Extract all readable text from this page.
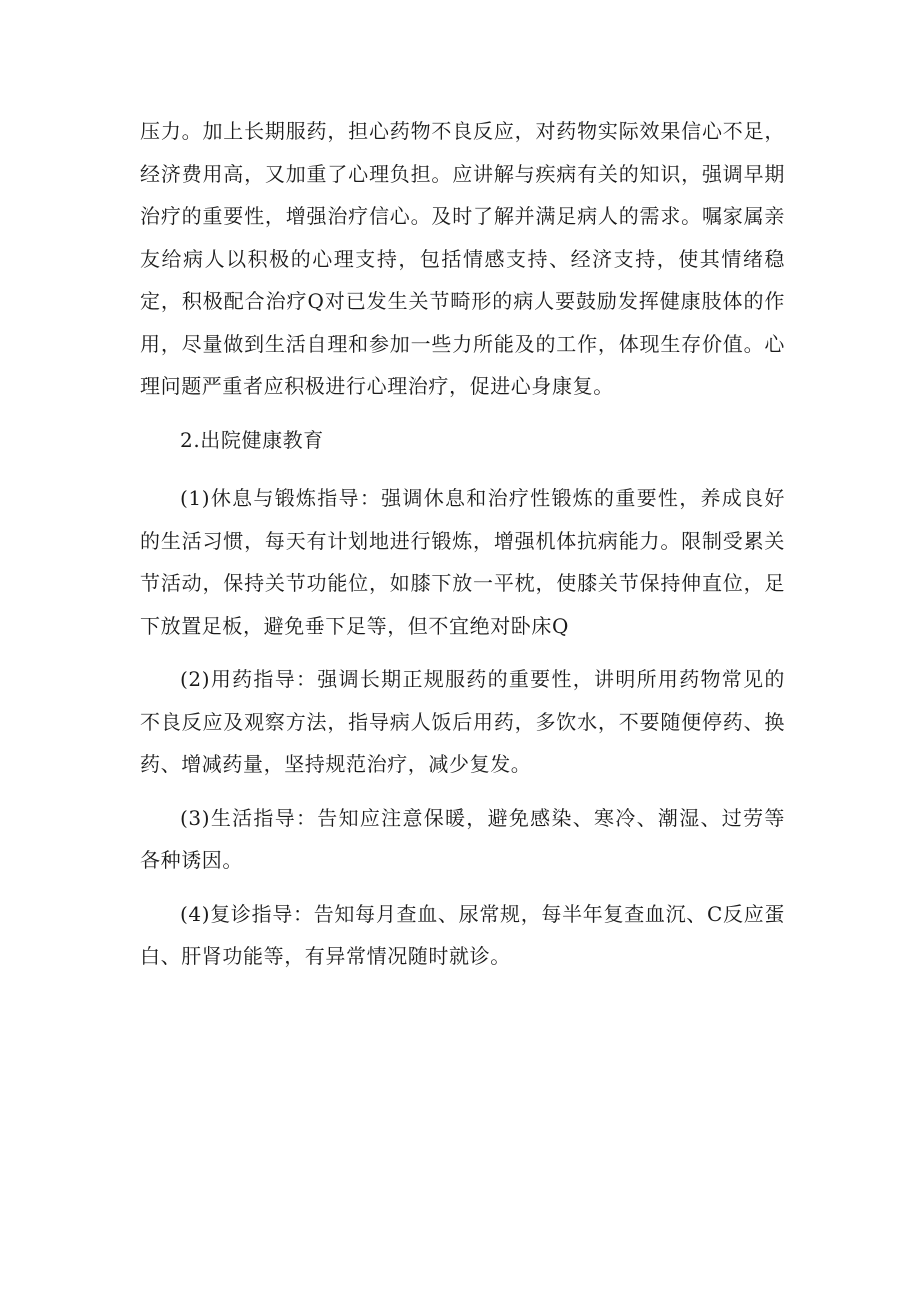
压力。加上长期服药，担心药物不良反应，对药物实际效果信心不足，经济费用高，又加重了心理负担。应讲解与疾病有关的知识，强调早期治疗的重要性，增强治疗信心。及时了解并满足病人的需求。嘱家属亲友给病人以积极的心理支持，包括情感支持、经济支持，使其情绪稳定，积极配合治疗Q对已发生关节畸形的病人要鼓励发挥健康肢体的作用，尽量做到生活自理和参加一些力所能及的工作，体现生存价值。心理问题严重者应积极进行心理治疗，促进心身康复。

2.出院健康教育

(1)休息与锻炼指导：强调休息和治疗性锻炼的重要性，养成良好的生活习惯，每天有计划地进行锻炼，增强机体抗病能力。限制受累关节活动，保持关节功能位，如膝下放一平枕，使膝关节保持伸直位，足下放置足板，避免垂下足等，但不宜绝对卧床Q

(2)用药指导：强调长期正规服药的重要性，讲明所用药物常见的不良反应及观察方法，指导病人饭后用药，多饮水，不要随便停药、换药、增减药量，坚持规范治疗，减少复发。

(3)生活指导：告知应注意保暖，避免感染、寒冷、潮湿、过劳等各种诱因。

(4)复诊指导：告知每月查血、尿常规，每半年复查血沉、C反应蛋白、肝肾功能等，有异常情况随时就诊。
